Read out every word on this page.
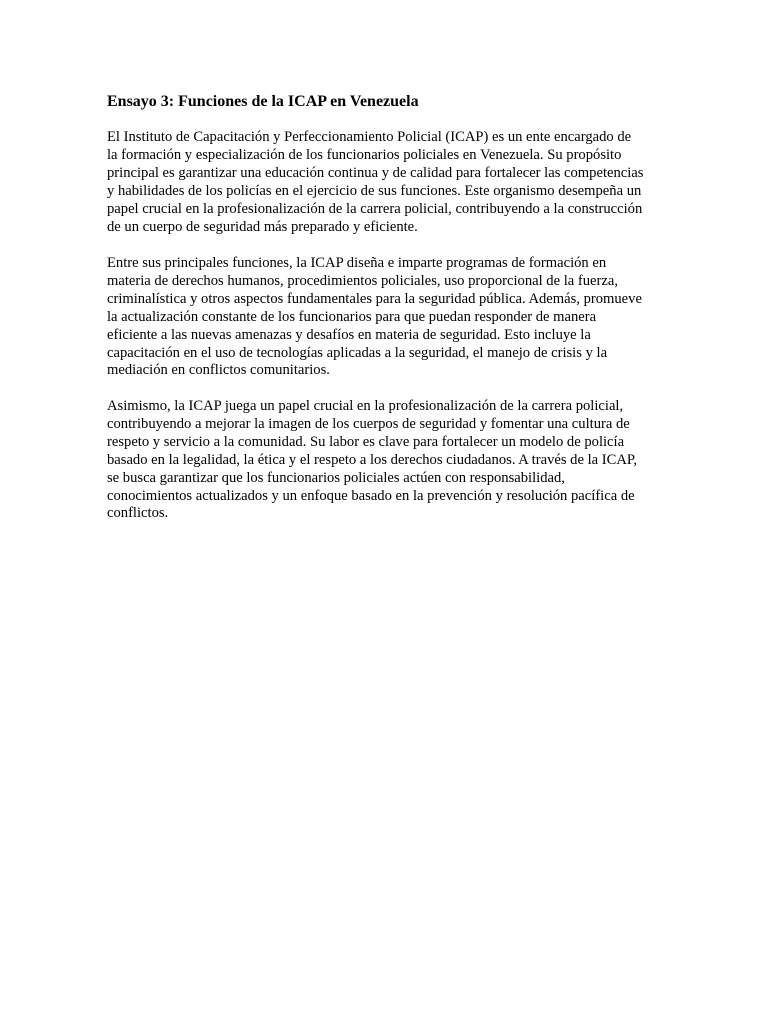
Ensayo 3: Funciones de la ICAP en Venezuela

El Instituto de Capacitación y Perfeccionamiento Policial (ICAP) es un ente encargado de
la formación y especialización de los funcionarios policiales en Venezuela. Su propósito
principal es garantizar una educación continua y de calidad para fortalecer las competencias
y habilidades de los policías en el ejercicio de sus funciones. Este organismo desempeña un
papel crucial en la profesionalización de la carrera policial, contribuyendo a la construcción
de un cuerpo de seguridad más preparado y eficiente.

Entre sus principales funciones, la ICAP diseña e imparte programas de formación en
materia de derechos humanos, procedimientos policiales, uso proporcional de la fuerza,
criminalística y otros aspectos fundamentales para la seguridad pública. Además, promueve
la actualización constante de los funcionarios para que puedan responder de manera
eficiente a las nuevas amenazas y desafíos en materia de seguridad. Esto incluye la
capacitación en el uso de tecnologías aplicadas a la seguridad, el manejo de crisis y la
mediación en conflictos comunitarios.

Asimismo, la ICAP juega un papel crucial en la profesionalización de la carrera policial,
contribuyendo a mejorar la imagen de los cuerpos de seguridad y fomentar una cultura de
respeto y servicio a la comunidad. Su labor es clave para fortalecer un modelo de policía
basado en la legalidad, la ética y el respeto a los derechos ciudadanos. A través de la ICAP,
se busca garantizar que los funcionarios policiales actúen con responsabilidad,
conocimientos actualizados y un enfoque basado en la prevención y resolución pacífica de
conflictos.
